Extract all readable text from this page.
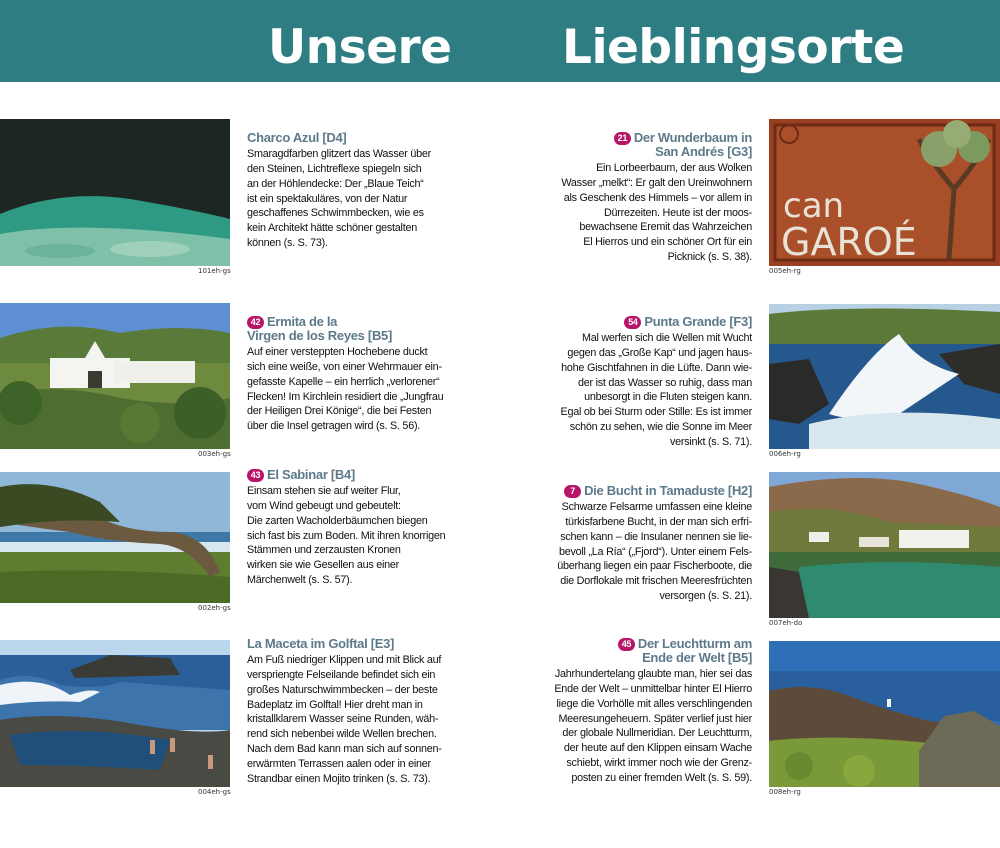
Unsere Lieblingsorte
101eh-gs
003eh-gs
002eh-gs
004eh-gs
can
GAROÉ
005eh-rg
006eh-rg
007eh-do
008eh-rg
Charco Azul [D4]
Smaragdfarben glitzert das Wasser über
den Steinen, Lichtreflexe spiegeln sich
an der Höhlendecke: Der „Blaue Teich“
ist ein spektakuläres, von der Natur
geschaffenes Schwimmbecken, wie es
kein Architekt hätte schöner gestalten
können (s. S. 73).
42 Ermita de la
Virgen de los Reyes [B5]
Auf einer versteppten Hochebene duckt
sich eine weiße, von einer Wehrmauer ein-
gefasste Kapelle – ein herrlich „verlorener“
Flecken! Im Kirchlein residiert die „Jungfrau
der Heiligen Drei Könige“, die bei Festen
über die Insel getragen wird (s. S. 56).
43 El Sabinar [B4]
Einsam stehen sie auf weiter Flur,
vom Wind gebeugt und gebeutelt:
Die zarten Wacholderbäumchen biegen
sich fast bis zum Boden. Mit ihren knorrigen
Stämmen und zerzausten Kronen
wirken sie wie Gesellen aus einer
Märchenwelt (s. S. 57).
La Maceta im Golftal [E3]
Am Fuß niedriger Klippen und mit Blick auf
verspriengte Felseilande befindet sich ein
großes Naturschwimmbecken – der beste
Badeplatz im Golftal! Hier dreht man in
kristallklarem Wasser seine Runden, wäh-
rend sich nebenbei wilde Wellen brechen.
Nach dem Bad kann man sich auf sonnen-
erwärmten Terrassen aalen oder in einer
Strandbar einen Mojito trinken (s. S. 73).
21 Der Wunderbaum in
San Andrés [G3]
Ein Lorbeerbaum, der aus Wolken
Wasser „melkt“: Er galt den Ureinwohnern
als Geschenk des Himmels – vor allem in
Dürrezeiten. Heute ist der moos-
bewachsene Eremit das Wahrzeichen
El Hierros und ein schöner Ort für ein
Picknick (s. S. 38).
54 Punta Grande [F3]
Mal werfen sich die Wellen mit Wucht
gegen das „Große Kap“ und jagen haus-
hohe Gischtfahnen in die Lüfte. Dann wie-
der ist das Wasser so ruhig, dass man
unbesorgt in die Fluten steigen kann.
Egal ob bei Sturm oder Stille: Es ist immer
schön zu sehen, wie die Sonne im Meer
versinkt (s. S. 71).
7 Die Bucht in Tamaduste [H2]
Schwarze Felsarme umfassen eine kleine
türkisfarbene Bucht, in der man sich erfri-
schen kann – die Insulaner nennen sie lie-
bevoll „La Ría“ („Fjord“). Unter einem Fels-
überhang liegen ein paar Fischerboote, die
die Dorflokale mit frischen Meeresfrüchten
versorgen (s. S. 21).
45 Der Leuchtturm am
Ende der Welt [B5]
Jahrhundertelang glaubte man, hier sei das
Ende der Welt – unmittelbar hinter El Hierro
liege die Vorhölle mit alles verschlingenden
Meeresungeheuern. Später verlief just hier
der globale Nullmeridian. Der Leuchtturm,
der heute auf den Klippen einsam Wache
schiebt, wirkt immer noch wie der Grenz-
posten zu einer fremden Welt (s. S. 59).
